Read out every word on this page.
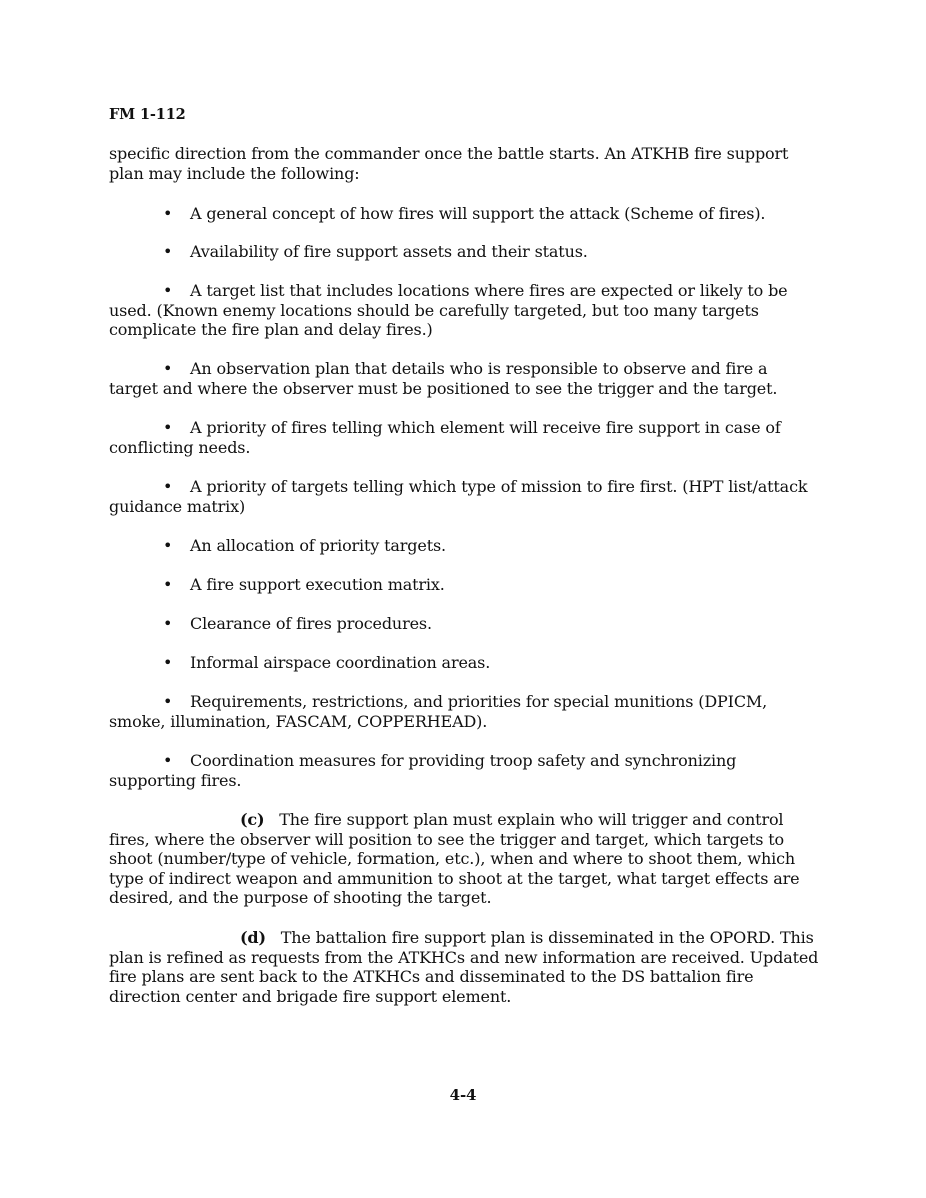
FM 1-112

specific direction from the commander once the battle starts. An ATKHB fire support plan may include the following:

• A general concept of how fires will support the attack (Scheme of fires).
• Availability of fire support assets and their status.

• A target list that includes locations where fires are expected or likely to be used. (Known enemy locations should be carefully targeted, but too many targets complicate the fire plan and delay fires.)

• An observation plan that details who is responsible to observe and fire a target and where the observer must be positioned to see the trigger and the target.

• A priority of fires telling which element will receive fire support in case of conflicting needs.

• A priority of targets telling which type of mission to fire first. (HPT list/attack guidance matrix)

• An allocation of priority targets.
• A fire support execution matrix.
• Clearance of fires procedures.
• Informal airspace coordination areas.

• Requirements, restrictions, and priorities for special munitions (DPICM, smoke, illumination, FASCAM, COPPERHEAD).

• Coordination measures for providing troop safety and synchronizing supporting fires.

(c) The fire support plan must explain who will trigger and control fires, where the observer will position to see the trigger and target, which targets to shoot (number/type of vehicle, formation, etc.), when and where to shoot them, which type of indirect weapon and ammunition to shoot at the target, what target effects are desired, and the purpose of shooting the target.

(d) The battalion fire support plan is disseminated in the OPORD. This plan is refined as requests from the ATKHCs and new information are received. Updated fire plans are sent back to the ATKHCs and disseminated to the DS battalion fire direction center and brigade fire support element.

4-4
